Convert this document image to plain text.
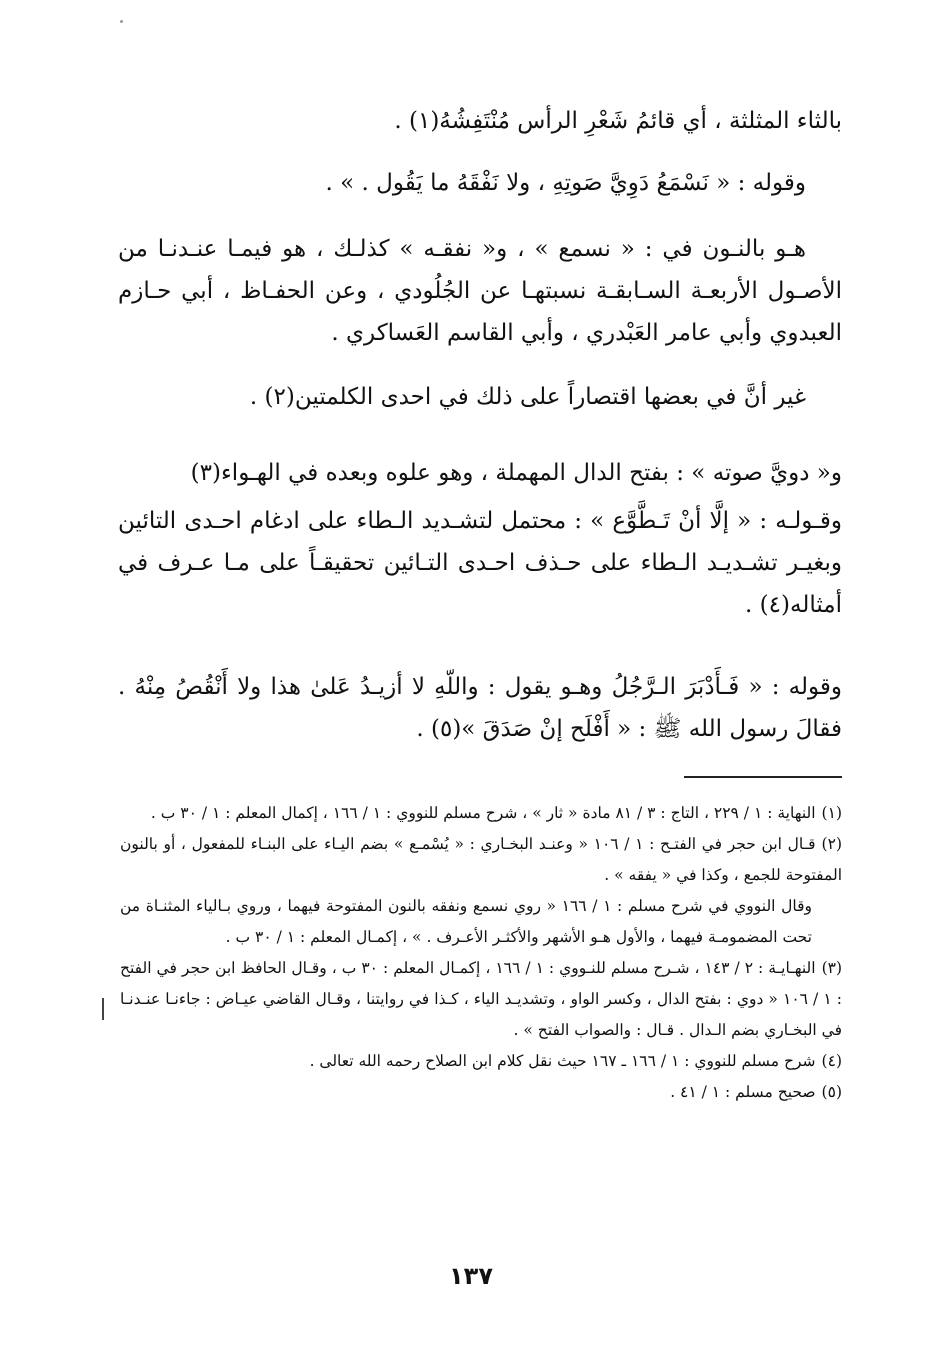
بالثاء المثلثة ، أي قائمُ شَعْرِ الرأس مُنْتَفِشُهُ(١) .
وقوله : « نَسْمَعُ دَوِيَّ صَوتِهِ ، ولا نَفْقَهُ ما يَقُول . » .
هـو بالنـون في : « نسمع » ، و« نفقـه » كذلـك ، هو فيمـا عنـدنـا من الأصـول الأربعـة السـابقـة نسبتهـا عن الجُلُودي ، وعن الحفـاظ ، أبي حـازم العبدوي وأبي عامر العَبْدري ، وأبي القاسم العَساكري .
غير أنَّ في بعضها اقتصاراً على ذلك في احدى الكلمتين(٢) .
و« دويَّ صوته » : بفتح الدال المهملة ، وهو علوه وبعده في الهـواء(٣)
وقـولـه : « إلَّا أنْ تَـطَّوَّع » : محتمل لتشـديد الـطاء على ادغام احـدى التائين وبغيـر تشـديـد الـطاء على حـذف احـدى التـائين تحقيقـاً على مـا عـرف في أمثاله(٤) .
وقوله : « فَـأَدْبَرَ الـرَّجُلُ وهـو يقول : واللّهِ لا أزيـدُ عَلىٰ هذا ولا أَنْقُصُ مِنْهُ . فقالَ رسول الله ﷺ : « أَفْلَح إنْ صَدَقَ »(٥) .
(١)النهاية : ١ / ٢٢٩ ، التاج : ٣ / ٨١ مادة « ثار » ، شرح مسلم للنووي : ١ / ١٦٦ ، إكمال المعلم : ١ / ٣٠ ب .
(٢)قـال ابن حجر في الفتـح : ١ / ١٠٦ « وعنـد البخـاري : « يُسْمـع » بضم اليـاء على البنـاء للمفعول ، أو بالنون المفتوحة للجمع ، وكذا في « يفقه » .
وقال النووي في شرح مسلم : ١ / ١٦٦ « روي نسمع ونفقه بالنون المفتوحة فيهما ، وروي بـالياء المثنـاة من تحت المضمومـة فيهما ، والأول هـو الأشهر والأكثـر الأعـرف . » ، إكمـال المعلم : ١ / ٣٠ ب .
(٣)النهـايـة : ٢ / ١٤٣ ، شـرح مسلم للنـووي : ١ / ١٦٦ ، إكمـال المعلم : ٣٠ ب ، وقـال الحافظ ابن حجر في الفتح : ١ / ١٠٦ « دوي : بفتح الدال ، وكسر الواو ، وتشديـد الياء ، كـذا في روايتنا ، وقـال القاضي عيـاض : جاءنـا عنـدنـا في البخـاري بضم الـدال . قـال : والصواب الفتح » .
(٤)شرح مسلم للنووي : ١ / ١٦٦ ـ ١٦٧ حيث نقل كلام ابن الصلاح رحمه الله تعالى .
(٥)صحيح مسلم : ١ / ٤١ .
١٣٧
